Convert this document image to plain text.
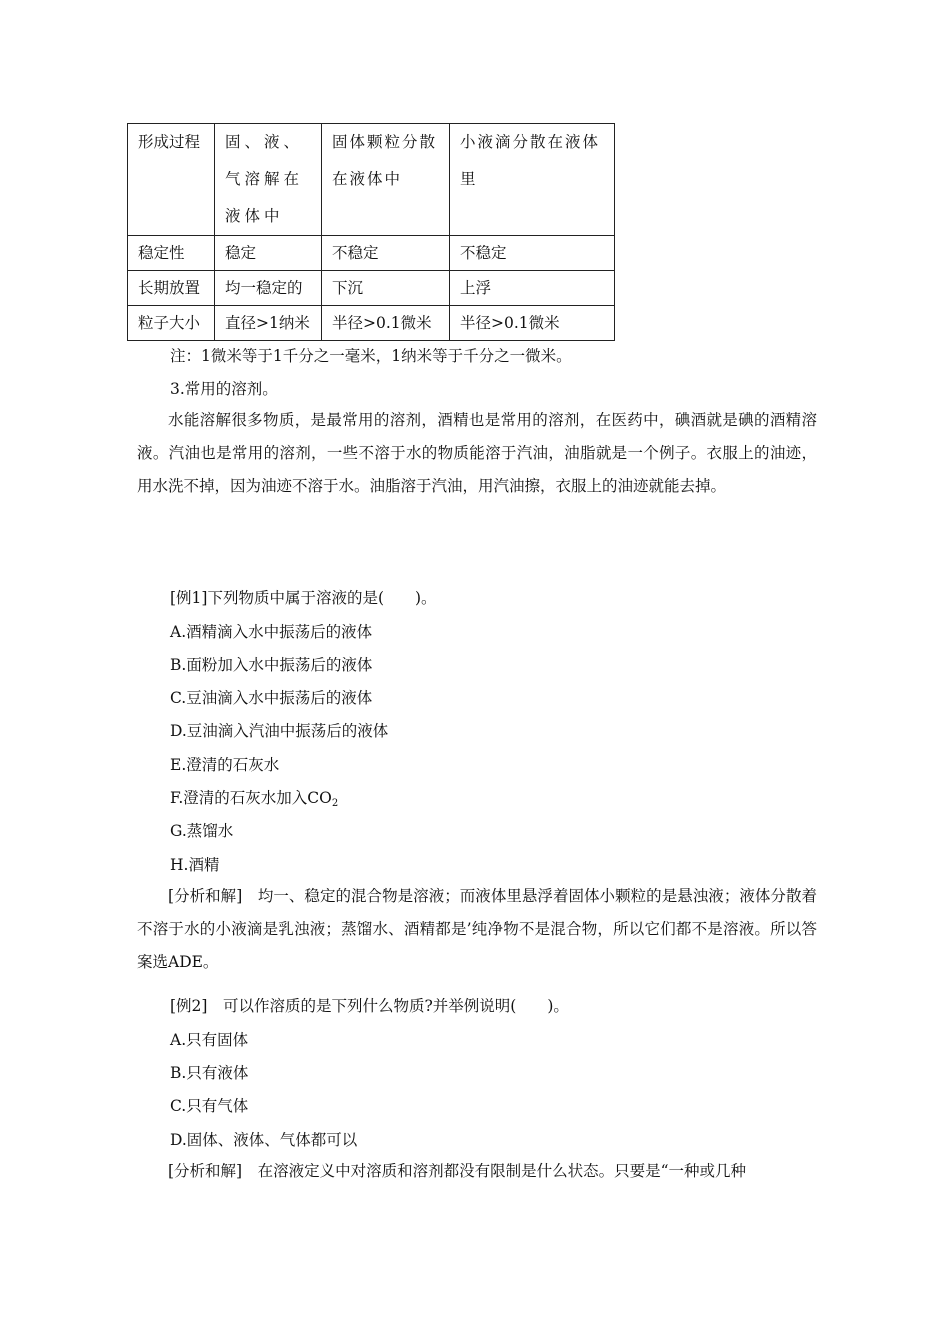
形成过程	固、液、气溶解在液体中	固体颗粒分散在液体中	小液滴分散在液体里
稳定性	稳定	不稳定	不稳定
长期放置	均一稳定的	下沉	上浮
粒子大小	直径>1纳米	半径>0.1微米	半径>0.1微米
注：1微米等于1千分之一毫米，1纳米等于千分之一微米。
3.常用的溶剂。
水能溶解很多物质，是最常用的溶剂，酒精也是常用的溶剂，在医药中，碘酒就是碘的酒精溶液。汽油也是常用的溶剂，一些不溶于水的物质能溶于汽油，油脂就是一个例子。衣服上的油迹，用水洗不掉，因为油迹不溶于水。油脂溶于汽油，用汽油擦，衣服上的油迹就能去掉。
[例1]下列物质中属于溶液的是(　　)。
A.酒精滴入水中振荡后的液体
B.面粉加入水中振荡后的液体
C.豆油滴入水中振荡后的液体
D.豆油滴入汽油中振荡后的液体
E.澄清的石灰水
F.澄清的石灰水加入$CO_2$
G.蒸馏水
H.酒精
[分析和解]　均一、稳定的混合物是溶液；而液体里悬浮着固体小颗粒的是悬浊液；液体分散着不溶于水的小液滴是乳浊液；蒸馏水、酒精都是’纯净物不是混合物，所以它们都不是溶液。所以答案选ADE。
[例2]　可以作溶质的是下列什么物质?并举例说明(　　)。
A.只有固体
B.只有液体
C.只有气体
D.固体、液体、气体都可以
[分析和解]　在溶液定义中对溶质和溶剂都没有限制是什么状态。只要是“一种或几种
